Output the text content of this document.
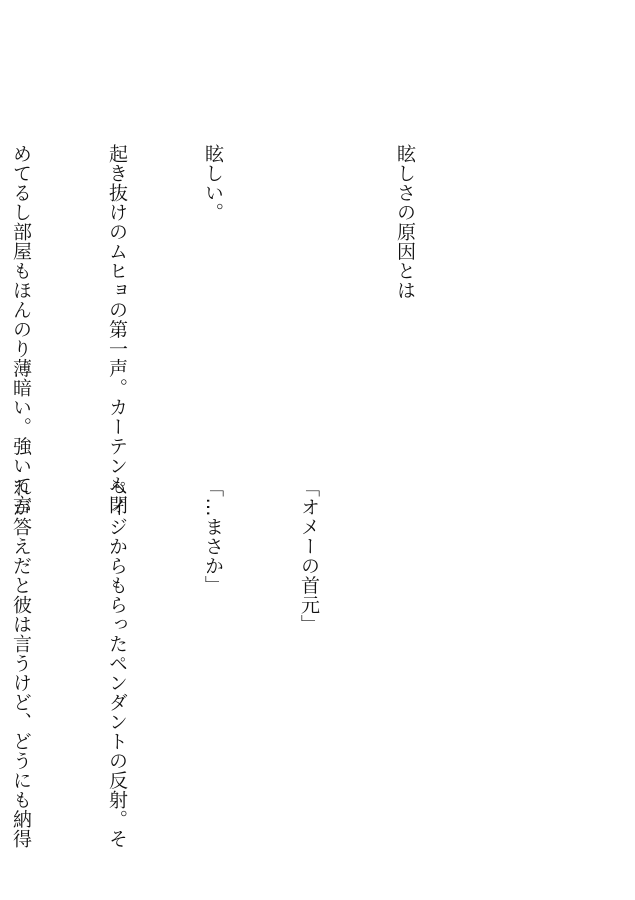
眩しさの原因とは

眩しい。

起き抜けのムヒョの第一声。カーテンも閉

めてるし部屋もほんのり薄暗い。強いて言

「オメーの首元」

「…まさか」

ペイジからもらったペンダントの反射。そ

れが答えだと彼は言うけど、どうにも納得
